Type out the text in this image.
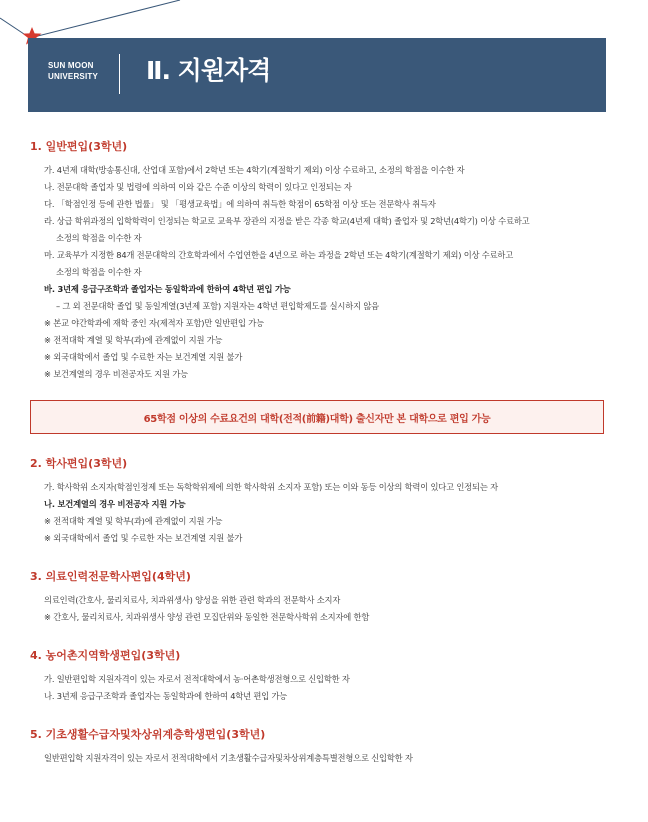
SUN MOON
UNIVERSITY Ⅱ. 지원자격
1. 일반편입(3학년)
가. 4년제 대학(방송통신대, 산업대 포함)에서 2학년 또는 4학기(계절학기 제외) 이상 수료하고, 소정의 학점을 이수한 자
나. 전문대학 졸업자 및 법령에 의하여 이와 같은 수준 이상의 학력이 있다고 인정되는 자
다. 「학점인정 등에 관한 법률」 및 「평생교육법」에 의하여 취득한 학점이 65학점 이상 또는 전문학사 취득자
라. 상급 학위과정의 입학학력이 인정되는 학교로 교육부 장관의 지정을 받은 각종 학교(4년제 대학) 졸업자 및 2학년(4학기) 이상 수료하고
소정의 학점을 이수한 자
마. 교육부가 지정한 84개 전문대학의 간호학과에서 수업연한을 4년으로 하는 과정을 2학년 또는 4학기(계절학기 제외) 이상 수료하고
소정의 학점을 이수한 자
바. 3년제 응급구조학과 졸업자는 동일학과에 한하여 4학년 편입 가능
– 그 외 전문대학 졸업 및 동일계열(3년제 포함) 지원자는 4학년 편입학제도를 실시하지 않음
※ 본교 야간학과에 재학 중인 자(제적자 포함)만 일반편입 가능
※ 전적대학 계열 및 학부(과)에 관계없이 지원 가능
※ 외국대학에서 졸업 및 수료한 자는 보건계열 지원 불가
※ 보건계열의 경우 비전공자도 지원 가능
65학점 이상의 수료요건의 대학(전적(前籍)대학) 출신자만 본 대학으로 편입 가능
2. 학사편입(3학년)
가. 학사학위 소지자(학점인정제 또는 독학학위제에 의한 학사학위 소지자 포함) 또는 이와 동등 이상의 학력이 있다고 인정되는 자
나. 보건계열의 경우 비전공자 지원 가능
※ 전적대학 계열 및 학부(과)에 관계없이 지원 가능
※ 외국대학에서 졸업 및 수료한 자는 보건계열 지원 불가
3. 의료인력전문학사편입(4학년)
의료인력(간호사, 물리치료사, 치과위생사) 양성을 위한 관련 학과의 전문학사 소지자
※ 간호사, 물리치료사, 치과위생사 양성 관련 모집단위와 동일한 전문학사학위 소지자에 한함
4. 농어촌지역학생편입(3학년)
가. 일반편입학 지원자격이 있는 자로서 전적대학에서 농·어촌학생전형으로 신입학한 자
나. 3년제 응급구조학과 졸업자는 동일학과에 한하여 4학년 편입 가능
5. 기초생활수급자및차상위계층학생편입(3학년)
일반편입학 지원자격이 있는 자로서 전적대학에서 기초생활수급자및차상위계층특별전형으로 신입학한 자
